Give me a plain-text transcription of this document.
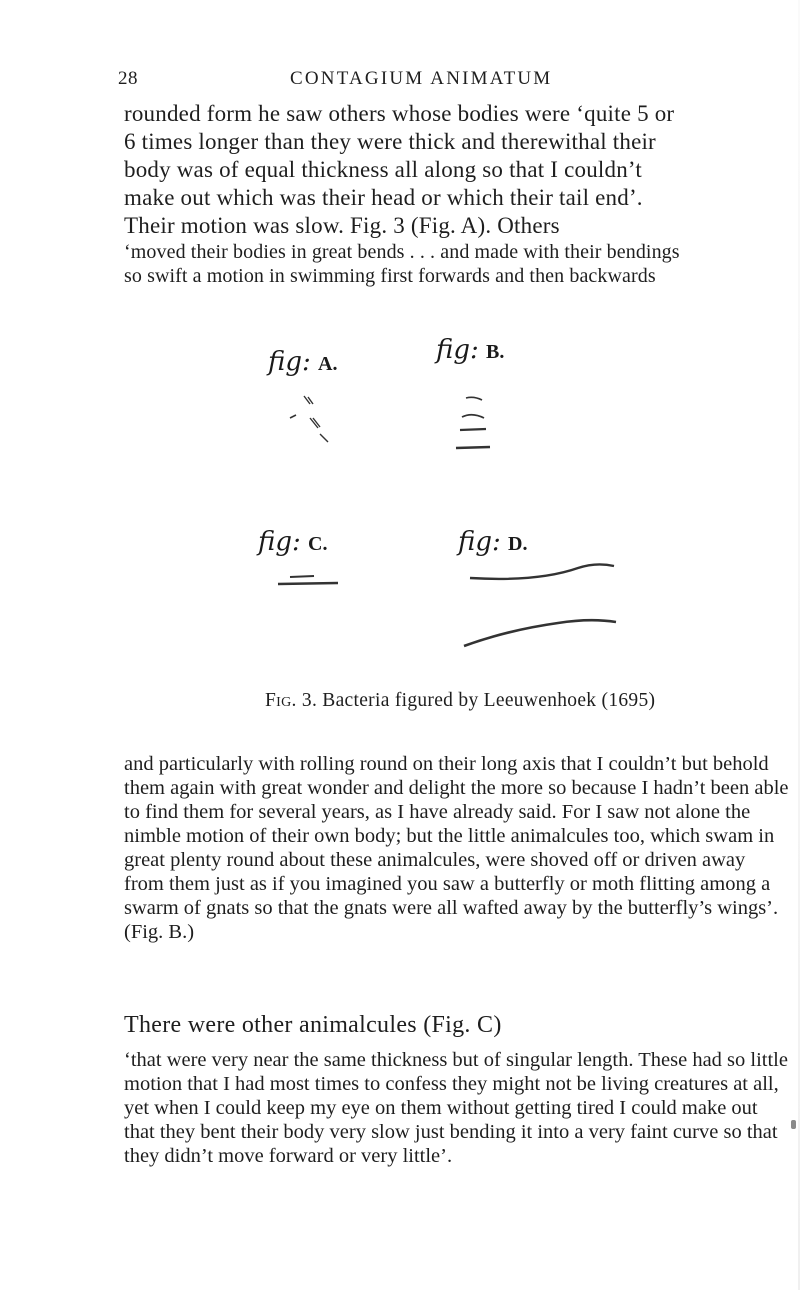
28	CONTAGIUM ANIMATUM
rounded form he saw others whose bodies were ‘quite 5 or
6 times longer than they were thick and therewithal their
body was of equal thickness all along so that I couldn’t
make out which was their head or which their tail end’.
Their motion was slow. Fig. 3 (Fig. A). Others
‘moved their bodies in great bends . . . and made with their bendings
so swift a motion in swimming first forwards and then backwards
fig: A.	fig: B.
fig: C.	fig: D.
Fig. 3. Bacteria figured by Leeuwenhoek (1695)

and particularly with rolling round on their long axis that I couldn’t but behold them again with great wonder and delight the more so because I hadn’t been able to find them for several years, as I have already said. For I saw not alone the nimble motion of their own body; but the little animalcules too, which swam in great plenty round about these animalcules, were shoved off or driven away from them just as if you imagined you saw a butterfly or moth flitting among a swarm of gnats so that the gnats were all wafted away by the butterfly’s wings’. (Fig. B.)

There were other animalcules (Fig. C)

‘that were very near the same thickness but of singular length. These had so little motion that I had most times to confess they might not be living creatures at all, yet when I could keep my eye on them without getting tired I could make out that they bent their body very slow just bending it into a very faint curve so that they didn’t move forward or very little’.
